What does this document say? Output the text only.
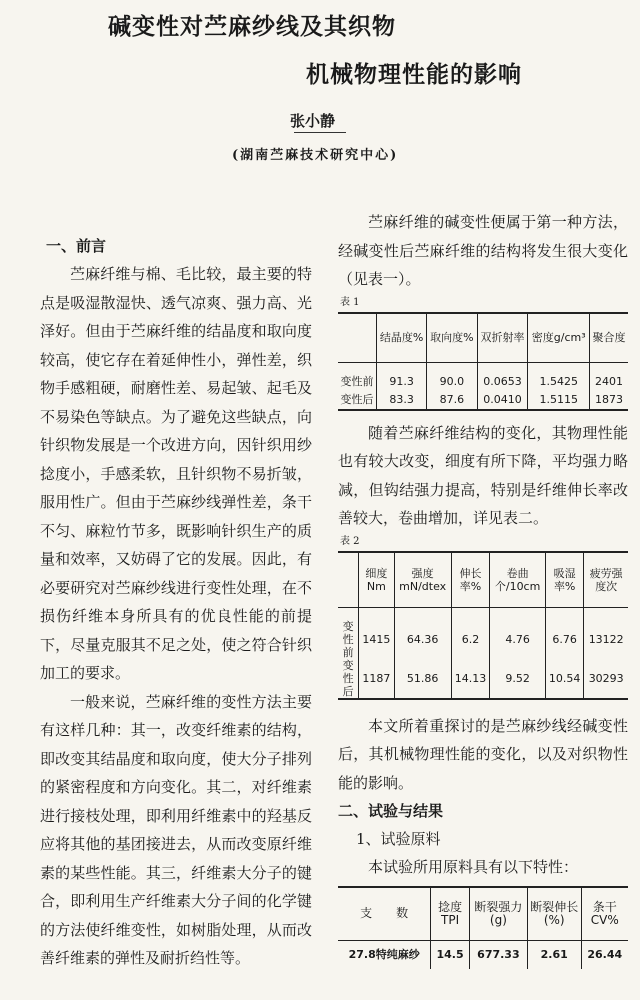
碱变性对苎麻纱线及其织物
机械物理性能的影响
张小静
(湖南苎麻技术研究中心)
一、前言

苎麻纤维与棉、毛比较，最主要的特点是吸湿散湿快、透气凉爽、强力高、光泽好。但由于苎麻纤维的结晶度和取向度较高，使它存在着延伸性小，弹性差，织物手感粗硬，耐磨性差、易起皱、起毛及不易染色等缺点。为了避免这些缺点，向针织物发展是一个改进方向，因针织用纱捻度小，手感柔软，且针织物不易折皱，服用性广。但由于苎麻纱线弹性差，条干不匀、麻粒竹节多，既影响针织生产的质量和效率，又妨碍了它的发展。因此，有必要研究对苎麻纱线进行变性处理，在不损伤纤维本身所具有的优良性能的前提下，尽量克服其不足之处，使之符合针织加工的要求。

一般来说，苎麻纤维的变性方法主要有这样几种：其一，改变纤维素的结构，即改变其结晶度和取向度，使大分子排列的紧密程度和方向变化。其二，对纤维素进行接枝处理，即利用纤维素中的羟基反应将其他的基团接进去，从而改变原纤维素的某些性能。其三，纤维素大分子的键合，即利用生产纤维素大分子间的化学键的方法使纤维变性，如树脂处理，从而改善纤维素的弹性及耐折绉性等。

苎麻纤维的碱变性便属于第一种方法，经碱变性后苎麻纤维的结构将发生很大变化（见表一）。

表 1
	结晶度%	取向度%	双折射率	密度g/cm³	聚合度
变性前	91.3	90.0	0.0653	1.5425	2401
变性后	83.3	87.6	0.0410	1.5115	1873

随着苎麻纤维结构的变化，其物理性能也有较大改变，细度有所下降，平均强力略减，但钩结强力提高，特别是纤维伸长率改善较大，卷曲增加，详见表二。

表 2
	细度Nm	强度mN/dtex	伸长率%	卷曲个/10cm	吸湿率%	疲劳强度次
变性前	1415	64.36	6.2	4.76	6.76	13122
变性后	1187	51.86	14.13	9.52	10.54	30293

本文所着重探讨的是苎麻纱线经碱变性后，其机械物理性能的变化，以及对织物性能的影响。

二、试验与结果
1、试验原料

本试验所用原料具有以下特性：

支　　数	捻度TPI	断裂强力(g)	断裂伸长(%)	条干CV%
27.8特纯麻纱	14.5	677.33	2.61	26.44
